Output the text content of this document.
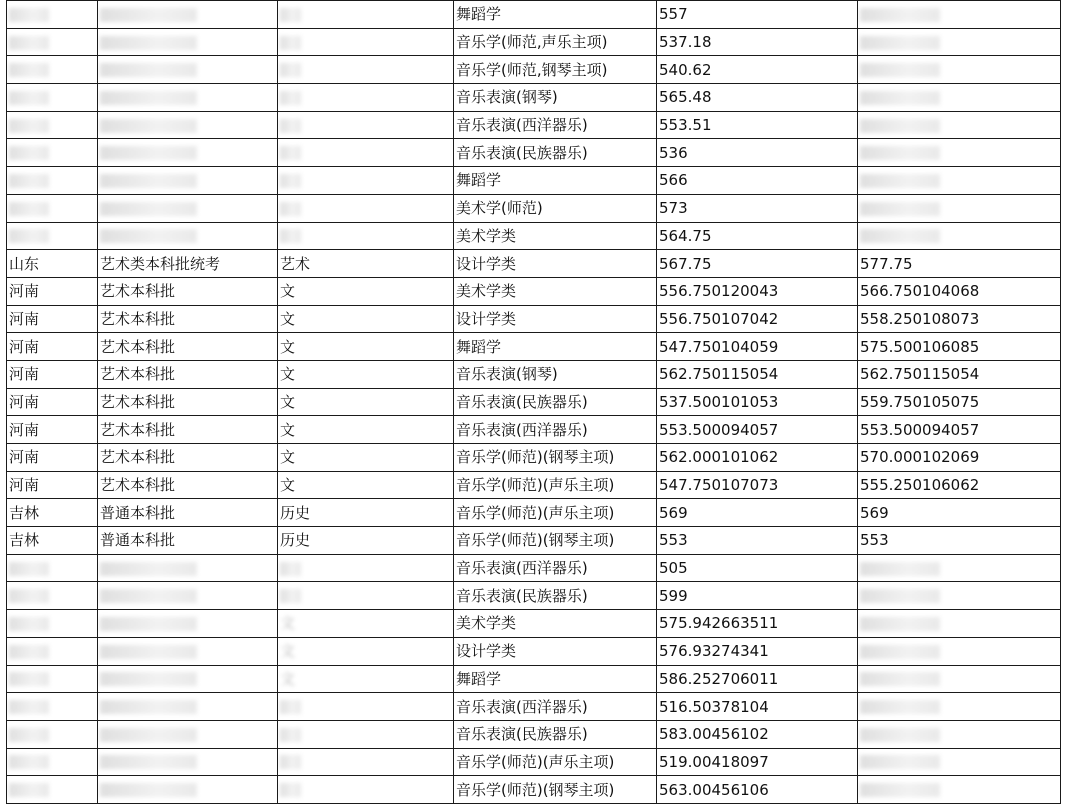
			舞蹈学	557	
			音乐学(师范,声乐主项)	537.18	
			音乐学(师范,钢琴主项)	540.62	
			音乐表演(钢琴)	565.48	
			音乐表演(西洋器乐)	553.51	
			音乐表演(民族器乐)	536	
			舞蹈学	566	
			美术学(师范)	573	
			美术学类	564.75	
山东	艺术类本科批统考	艺术	设计学类	567.75	577.75
河南	艺术本科批	文	美术学类	556.750120043	566.750104068
河南	艺术本科批	文	设计学类	556.750107042	558.250108073
河南	艺术本科批	文	舞蹈学	547.750104059	575.500106085
河南	艺术本科批	文	音乐表演(钢琴)	562.750115054	562.750115054
河南	艺术本科批	文	音乐表演(民族器乐)	537.500101053	559.750105075
河南	艺术本科批	文	音乐表演(西洋器乐)	553.500094057	553.500094057
河南	艺术本科批	文	音乐学(师范)(钢琴主项)	562.000101062	570.000102069
河南	艺术本科批	文	音乐学(师范)(声乐主项)	547.750107073	555.250106062
吉林	普通本科批	历史	音乐学(师范)(声乐主项)	569	569
吉林	普通本科批	历史	音乐学(师范)(钢琴主项)	553	553
			音乐表演(西洋器乐)	505	
			音乐表演(民族器乐)	599	
		文	美术学类	575.942663511	
		文	设计学类	576.93274341	
		文	舞蹈学	586.252706011	
			音乐表演(西洋器乐)	516.50378104	
			音乐表演(民族器乐)	583.00456102	
			音乐学(师范)(声乐主项)	519.00418097	
			音乐学(师范)(钢琴主项)	563.00456106	
